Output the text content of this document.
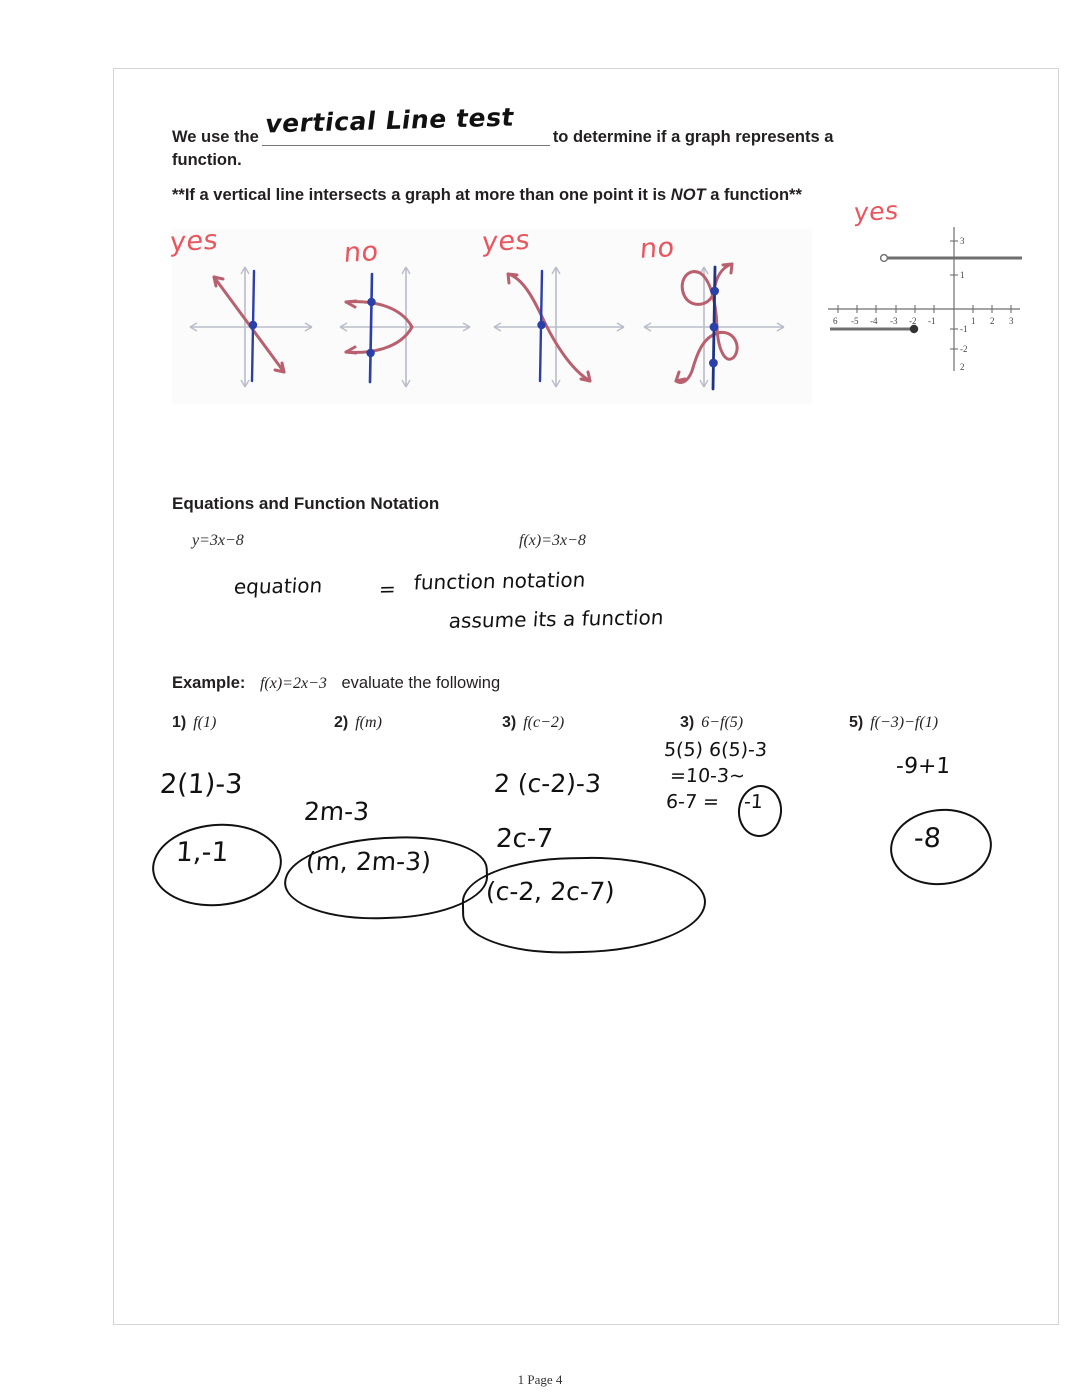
We use the vertical Line test to determine if a graph represents a
function.
**If a vertical line intersects a graph at more than one point it is NOT a function**
yes	no	yes	no
yes
6 -5 -4 -3 -2 -1	1 2 3
3
1
-1
-2
2
Equations and Function Notation
y=3x−8	f(x)=3x−8
equation	= function notation
assume its a function
Example: f(x)=2x−3 evaluate the following
1) f(1)	2) f(m)	3) f(c−2)	3) 6−f(5)	5) f(−3)−f(1)
2(1)-3
1,-1
2m-3
(m, 2m-3)
2 (c-2)-3
2c-7
(c-2, 2c-7)
5(5) 6(5)-3
=10-3~
6-7 = -1
-9+1
-8
1 Page 4
